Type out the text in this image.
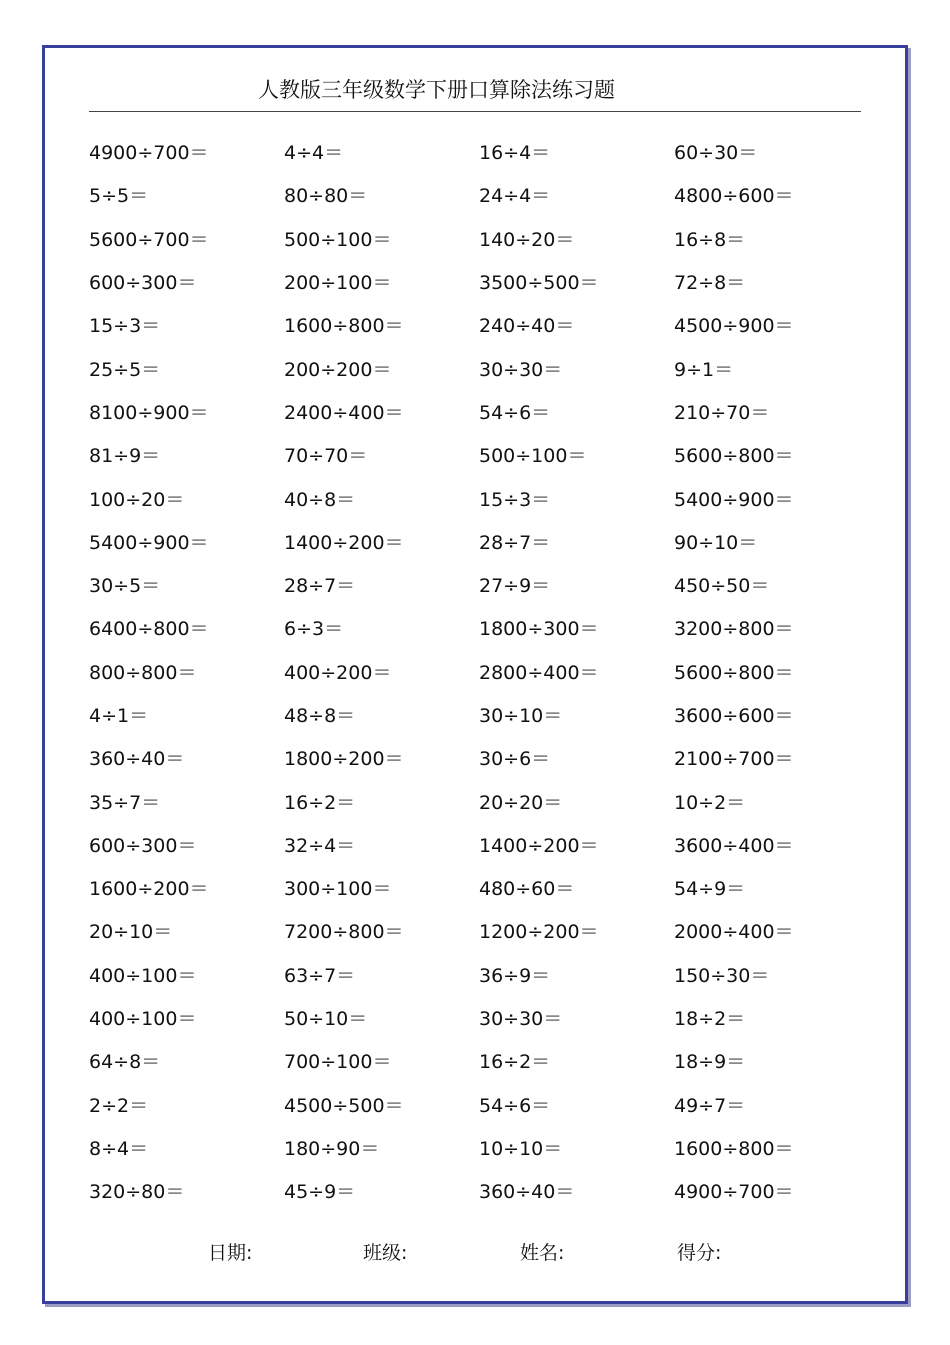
人教版三年级数学下册口算除法练习题
4900÷700＝	4÷4＝	16÷4＝	60÷30＝
5÷5＝	80÷80＝	24÷4＝	4800÷600＝
5600÷700＝	500÷100＝	140÷20＝	16÷8＝
600÷300＝	200÷100＝	3500÷500＝	72÷8＝
15÷3＝	1600÷800＝	240÷40＝	4500÷900＝
25÷5＝	200÷200＝	30÷30＝	9÷1＝
8100÷900＝	2400÷400＝	54÷6＝	210÷70＝
81÷9＝	70÷70＝	500÷100＝	5600÷800＝
100÷20＝	40÷8＝	15÷3＝	5400÷900＝
5400÷900＝	1400÷200＝	28÷7＝	90÷10＝
30÷5＝	28÷7＝	27÷9＝	450÷50＝
6400÷800＝	6÷3＝	1800÷300＝	3200÷800＝
800÷800＝	400÷200＝	2800÷400＝	5600÷800＝
4÷1＝	48÷8＝	30÷10＝	3600÷600＝
360÷40＝	1800÷200＝	30÷6＝	2100÷700＝
35÷7＝	16÷2＝	20÷20＝	10÷2＝
600÷300＝	32÷4＝	1400÷200＝	3600÷400＝
1600÷200＝	300÷100＝	480÷60＝	54÷9＝
20÷10＝	7200÷800＝	1200÷200＝	2000÷400＝
400÷100＝	63÷7＝	36÷9＝	150÷30＝
400÷100＝	50÷10＝	30÷30＝	18÷2＝
64÷8＝	700÷100＝	16÷2＝	18÷9＝
2÷2＝	4500÷500＝	54÷6＝	49÷7＝
8÷4＝	180÷90＝	10÷10＝	1600÷800＝
320÷80＝	45÷9＝	360÷40＝	4900÷700＝
日期:	班级:	姓名:	得分:
